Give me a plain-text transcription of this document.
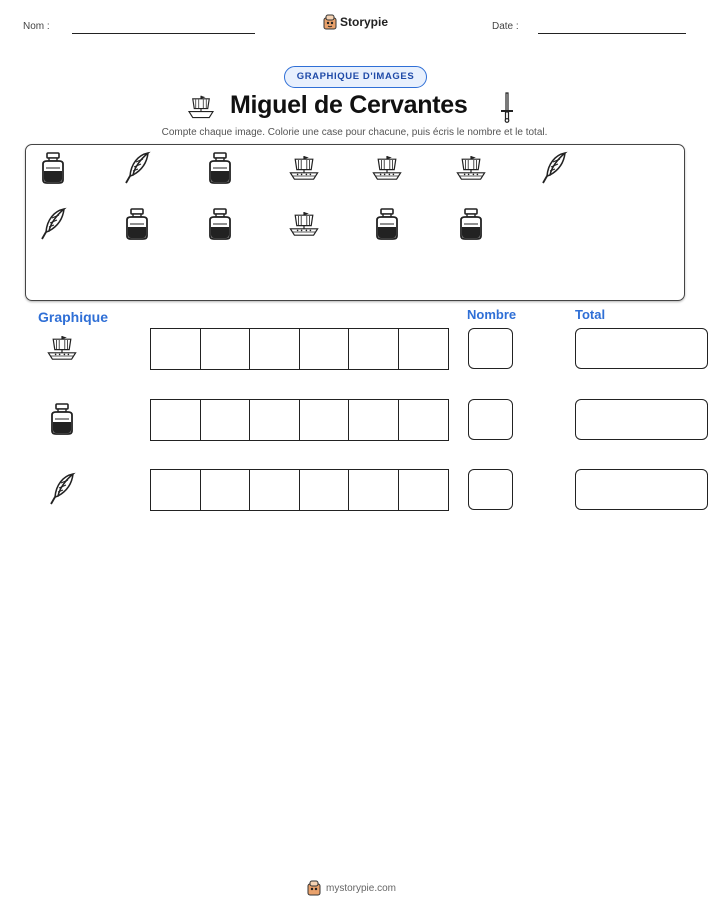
Nom :	Storypie	Date :
GRAPHIQUE D'IMAGES
Miguel de Cervantes
Compte chaque image. Colorie une case pour chacune, puis écris le nombre et le total.
Graphique	Nombre	Total
mystorypie.com
